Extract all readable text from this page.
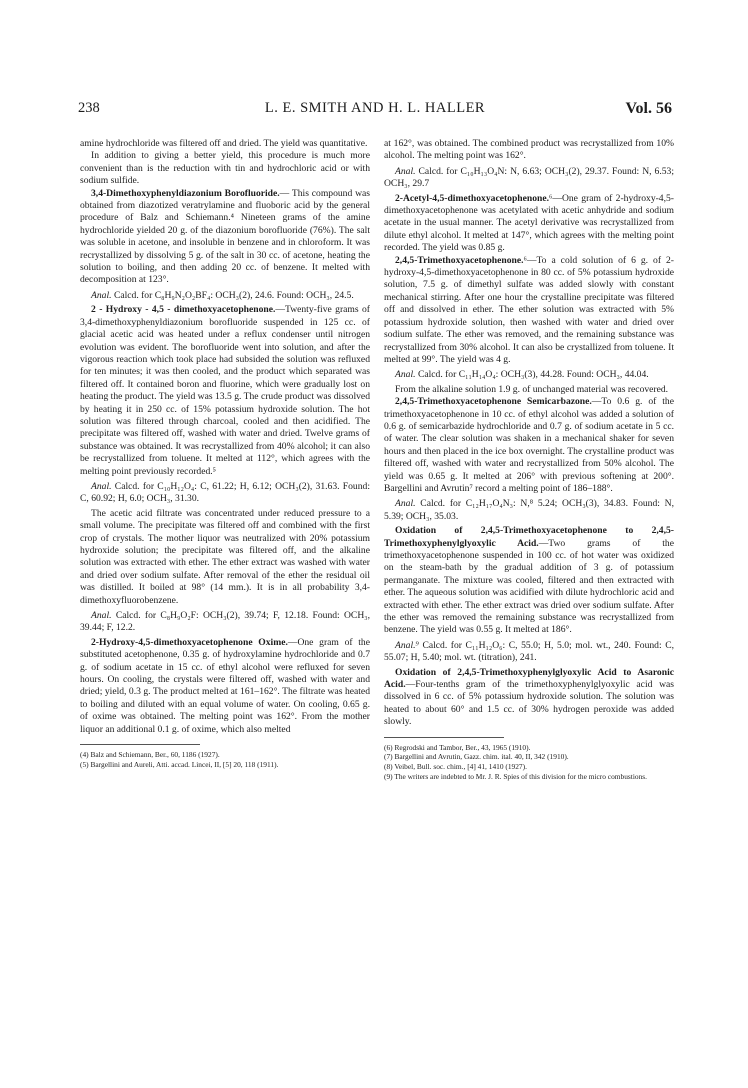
238	L. E. SMITH AND H. L. HALLER	Vol. 56

amine hydrochloride was filtered off and dried. The yield was quantitative.

In addition to giving a better yield, this procedure is much more convenient than is the reduction with tin and hydrochloric acid or with sodium sulfide.

3,4-Dimethoxyphenyldiazonium Borofluoride.— This compound was obtained from diazotized veratrylamine and fluoboric acid by the general procedure of Balz and Schiemann.⁴ Nineteen grams of the amine hydrochloride yielded 20 g. of the diazonium borofluoride (76%). The salt was soluble in acetone, and insoluble in benzene and in chloroform. It was recrystallized by dissolving 5 g. of the salt in 30 cc. of acetone, heating the solution to boiling, and then adding 20 cc. of benzene. It melted with decomposition at 123°.

Anal. Calcd. for C₈H₉N₂O₂BF₄: OCH₃(2), 24.6. Found: OCH₃, 24.5.

2 - Hydroxy - 4,5 - dimethoxyacetophenone.—Twenty-five grams of 3,4-dimethoxyphenyldiazonium borofluoride suspended in 125 cc. of glacial acetic acid was heated under a reflux condenser until nitrogen evolution was evident. The borofluoride went into solution, and after the vigorous reaction which took place had subsided the solution was refluxed for ten minutes; it was then cooled, and the product which separated was filtered off. It contained boron and fluorine, which were gradually lost on heating the product. The yield was 13.5 g. The crude product was dissolved by heating it in 250 cc. of 15% potassium hydroxide solution. The hot solution was filtered through charcoal, cooled and then acidified. The precipitate was filtered off, washed with water and dried. Twelve grams of substance was obtained. It was recrystallized from 40% alcohol; it can also be recrystallized from toluene. It melted at 112°, which agrees with the melting point previously recorded.⁵

Anal. Calcd. for C₁₀H₁₂O₄: C, 61.22; H, 6.12; OCH₃(2), 31.63. Found: C, 60.92; H, 6.0; OCH₃, 31.30.

The acetic acid filtrate was concentrated under reduced pressure to a small volume. The precipitate was filtered off and combined with the first crop of crystals. The mother liquor was neutralized with 20% potassium hydroxide solution; the precipitate was filtered off, and the alkaline solution was extracted with ether. The ether extract was washed with water and dried over sodium sulfate. After removal of the ether the residual oil was distilled. It boiled at 98° (14 mm.). It is in all probability 3,4-dimethoxyfluorobenzene.

Anal. Calcd. for C₈H₉O₂F: OCH₃(2), 39.74; F, 12.18. Found: OCH₃, 39.44; F, 12.2.

2-Hydroxy-4,5-dimethoxyacetophenone Oxime.—One gram of the substituted acetophenone, 0.35 g. of hydroxylamine hydrochloride and 0.7 g. of sodium acetate in 15 cc. of ethyl alcohol were refluxed for seven hours. On cooling, the crystals were filtered off, washed with water and dried; yield, 0.3 g. The product melted at 161–162°. The filtrate was heated to boiling and diluted with an equal volume of water. On cooling, 0.65 g. of oxime was obtained. The melting point was 162°. From the mother liquor an additional 0.1 g. of oxime, which also melted

(4) Balz and Schiemann, Ber., 60, 1186 (1927).
(5) Bargellini and Aureli, Atti. accad. Lincei, II, [5] 20, 118 (1911).

at 162°, was obtained. The combined product was recrystallized from 10% alcohol. The melting point was 162°.

Anal. Calcd. for C₁₀H₁₃O₄N: N, 6.63; OCH₃(2), 29.37. Found: N, 6.53; OCH₃, 29.7

2-Acetyl-4,5-dimethoxyacetophenone.⁶—One gram of 2-hydroxy-4,5-dimethoxyacetophenone was acetylated with acetic anhydride and sodium acetate in the usual manner. The acetyl derivative was recrystallized from dilute ethyl alcohol. It melted at 147°, which agrees with the melting point recorded. The yield was 0.85 g.

2,4,5-Trimethoxyacetophenone.⁶—To a cold solution of 6 g. of 2-hydroxy-4,5-dimethoxyacetophenone in 80 cc. of 5% potassium hydroxide solution, 7.5 g. of dimethyl sulfate was added slowly with constant mechanical stirring. After one hour the crystalline precipitate was filtered off and dissolved in ether. The ether solution was extracted with 5% potassium hydroxide solution, then washed with water and dried over sodium sulfate. The ether was removed, and the remaining substance was recrystallized from 30% alcohol. It can also be crystallized from toluene. It melted at 99°. The yield was 4 g.

Anal. Calcd. for C₁₁H₁₄O₄: OCH₃(3), 44.28. Found: OCH₃, 44.04.

From the alkaline solution 1.9 g. of unchanged material was recovered.

2,4,5-Trimethoxyacetophenone Semicarbazone.—To 0.6 g. of the trimethoxyacetophenone in 10 cc. of ethyl alcohol was added a solution of 0.6 g. of semicarbazide hydrochloride and 0.7 g. of sodium acetate in 5 cc. of water. The clear solution was shaken in a mechanical shaker for seven hours and then placed in the ice box overnight. The crystalline product was filtered off, washed with water and recrystallized from 50% alcohol. The yield was 0.65 g. It melted at 206° with previous softening at 200°. Bargellini and Avrutin⁷ record a melting point of 186–188°.

Anal. Calcd. for C₁₂H₁₇O₄N₃: N,⁸ 5.24; OCH₃(3), 34.83. Found: N, 5.39; OCH₃, 35.03.

Oxidation of 2,4,5-Trimethoxyacetophenone to 2,4,5-Trimethoxyphenylglyoxylic Acid.—Two grams of the trimethoxyacetophenone suspended in 100 cc. of hot water was oxidized on the steam-bath by the gradual addition of 3 g. of potassium permanganate. The mixture was cooled, filtered and then extracted with ether. The aqueous solution was acidified with dilute hydrochloric acid and extracted with ether. The ether extract was dried over sodium sulfate. After the ether was removed the remaining substance was recrystallized from benzene. The yield was 0.55 g. It melted at 186°.

Anal.⁹ Calcd. for C₁₁H₁₂O₆: C, 55.0; H, 5.0; mol. wt., 240. Found: C, 55.07; H, 5.40; mol. wt. (titration), 241.

Oxidation of 2,4,5-Trimethoxyphenylglyoxylic Acid to Asaronic Acid.—Four-tenths gram of the trimethoxyphenylglyoxylic acid was dissolved in 6 cc. of 5% potassium hydroxide solution. The solution was heated to about 60° and 1.5 cc. of 30% hydrogen peroxide was added slowly.

(6) Regrodski and Tambor, Ber., 43, 1965 (1910).
(7) Bargellini and Avrutin, Gazz. chim. ital. 40, II, 342 (1910).
(8) Veibel, Bull. soc. chim., [4] 41, 1410 (1927).
(9) The writers are indebted to Mr. J. R. Spies of this division for the micro combustions.
